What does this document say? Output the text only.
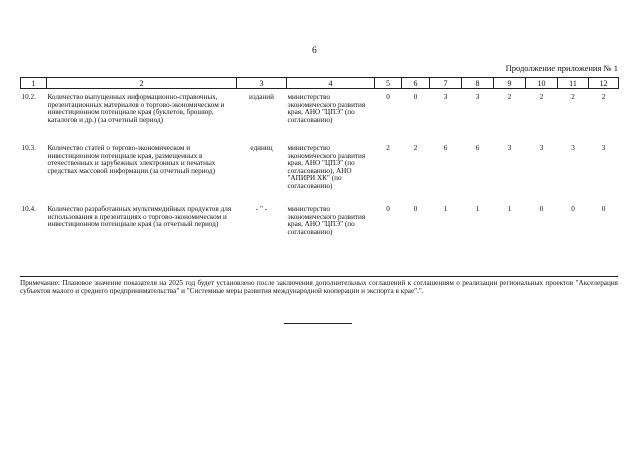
6
Продолжение приложения № 1
1	2	3	4	5	6	7	8	9	10	11	12
10.2.	Количество выпущенных информационно-справочных, презентационных материалов о торгово-экономическом и инвестиционном потенциале края (буклетов, брошюр, каталогов и др.) (за отчетный период)	изданий	министерство экономического развития края, АНО "ЦПЭ" (по согласованию)	0	0	3	3	2	2	2	2
10.3.	Количество статей о торгово-экономическом и инвестиционном потенциале края, размещенных в отечественных и зарубежных электронных и печатных средствах массовой информации (за отчетный период)	единиц	министерство экономического развития края, АНО "ЦПЭ" (по согласованию), АНО "АПИРИ ХК" (по согласованию)	2	2	6	6	3	3	3	3
10.4.	Количество разработанных мультимедийных продуктов для использования в презентациях о торгово-экономическом и инвестиционном потенциале края (за отчетный период)	- " -	министерство экономического развития края, АНО "ЦПЭ" (по согласованию)	0	0	1	1	1	0	0	0
Примечание: Плановое значение показателя на 2025 год будет установлено после заключения дополнительных соглашений к соглашениям о реализации региональных проектов "Акселерация субъектов малого и среднего предпринимательства" и "Системные меры развития международной кооперации и экспорта в крае".".
